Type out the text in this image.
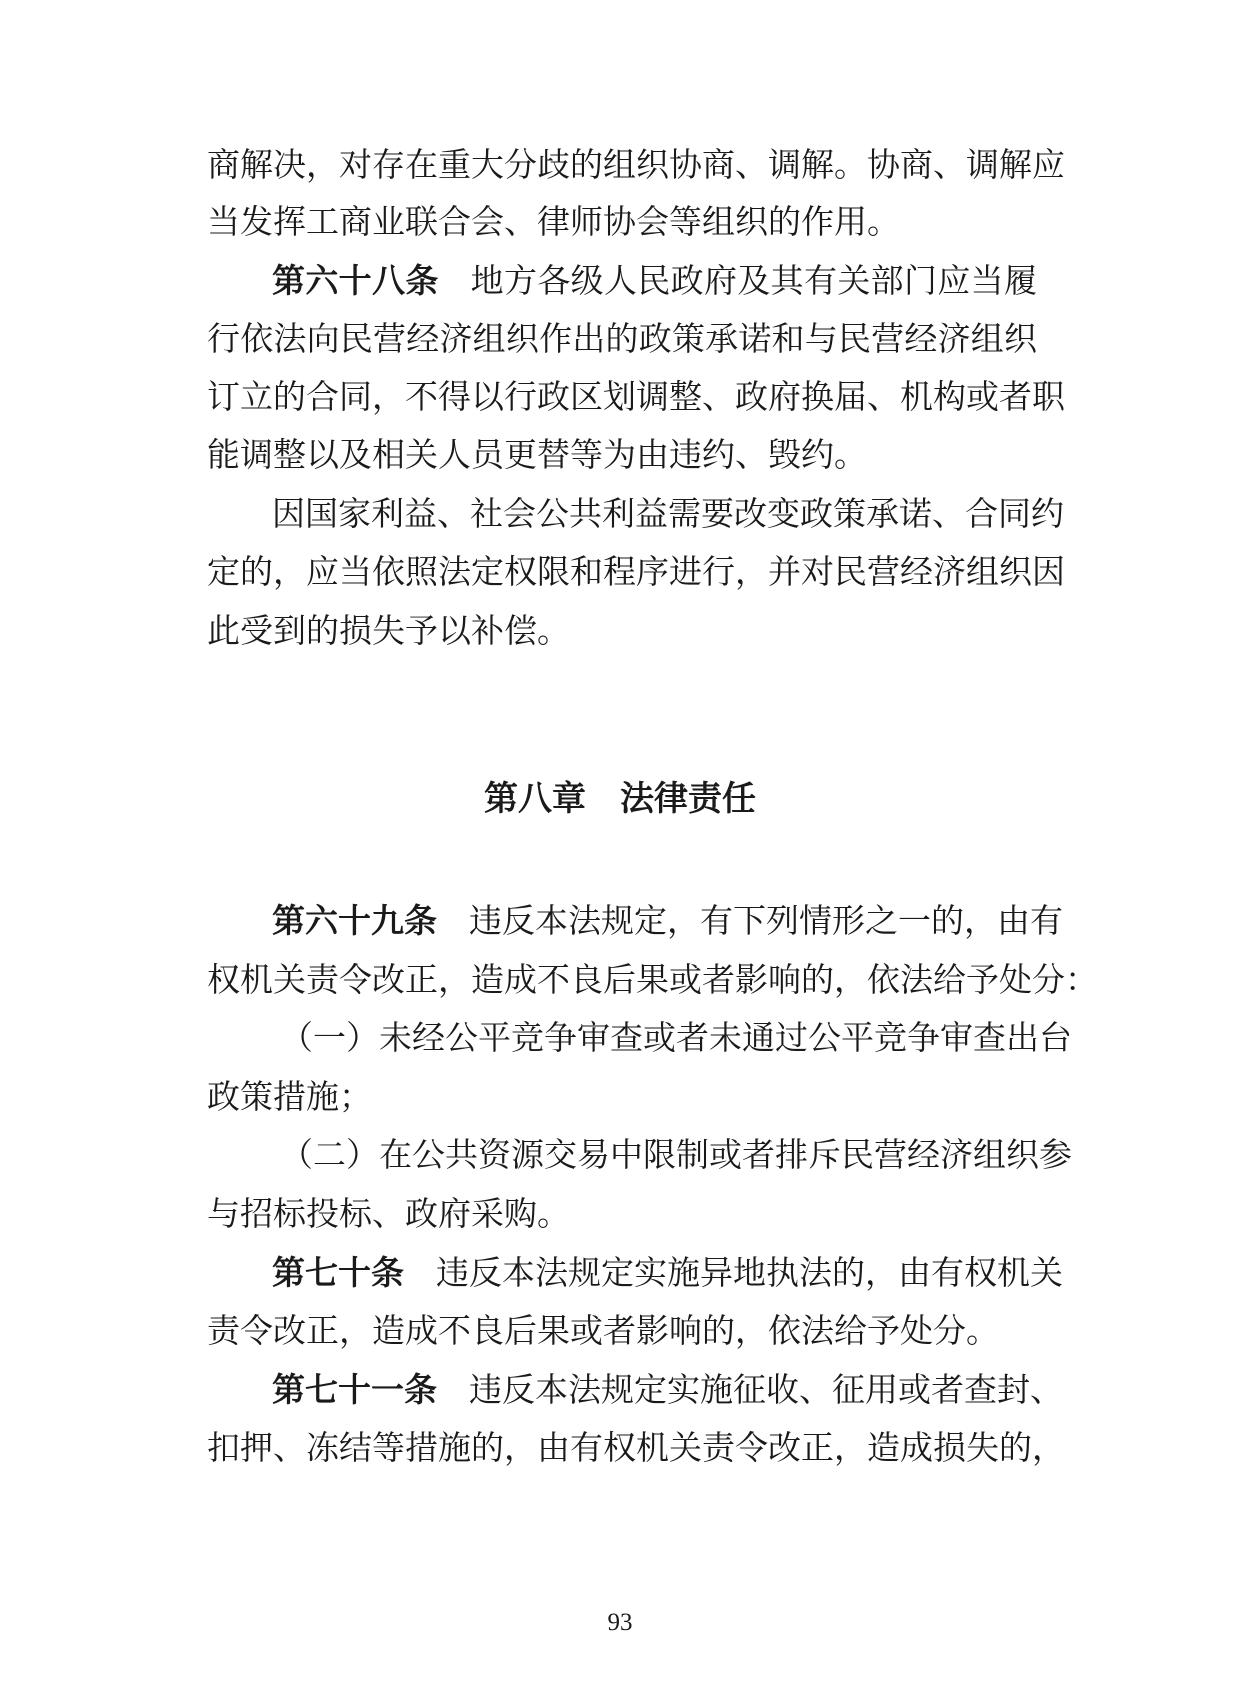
商解决，对存在重大分歧的组织协商、调解。协商、调解应
当发挥工商业联合会、律师协会等组织的作用。
第六十八条 地方各级人民政府及其有关部门应当履
行依法向民营经济组织作出的政策承诺和与民营经济组织
订立的合同，不得以行政区划调整、政府换届、机构或者职
能调整以及相关人员更替等为由违约、毁约。
因国家利益、社会公共利益需要改变政策承诺、合同约
定的，应当依照法定权限和程序进行，并对民营经济组织因
此受到的损失予以补偿。
第八章　法律责任
第六十九条 违反本法规定，有下列情形之一的，由有
权机关责令改正，造成不良后果或者影响的，依法给予处分：
（一）未经公平竞争审查或者未通过公平竞争审查出台
政策措施；
（二）在公共资源交易中限制或者排斥民营经济组织参
与招标投标、政府采购。
第七十条 违反本法规定实施异地执法的，由有权机关
责令改正，造成不良后果或者影响的，依法给予处分。
第七十一条 违反本法规定实施征收、征用或者查封、
扣押、冻结等措施的，由有权机关责令改正，造成损失的，
93
